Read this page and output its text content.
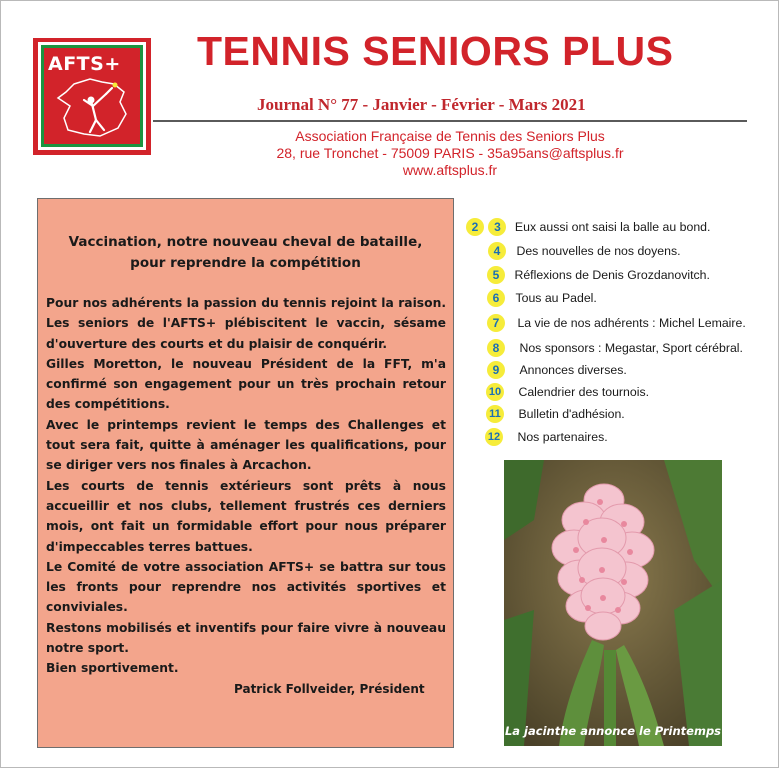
AFTS+ TENNIS SENIORS PLUS
Journal N° 77 - Janvier - Février - Mars 2021
Association Française de Tennis des Seniors Plus
28, rue Tronchet - 75009 PARIS - 35a95ans@aftsplus.fr
www.aftsplus.fr
Vaccination, notre nouveau cheval de bataille,
pour reprendre la compétition

Pour nos adhérents la passion du tennis rejoint la raison. Les seniors de l'AFTS+ plébiscitent le vaccin, sésame d'ouverture des courts et du plaisir de conquérir.

Gilles Moretton, le nouveau Président de la FFT, m'a confirmé son engagement pour un très prochain retour des compétitions.

Avec le printemps revient le temps des Challenges et tout sera fait, quitte à aménager les qualifications, pour se diriger vers nos finales à Arcachon.

Les courts de tennis extérieurs sont prêts à nous accueillir et nos clubs, tellement frustrés ces derniers mois, ont fait un formidable effort pour nous préparer d'impeccables terres battues.

Le Comité de votre association AFTS+ se battra sur tous les fronts pour reprendre nos activités sportives et conviviales.

Restons mobilisés et inventifs pour faire vivre à nouveau notre sport.

Bien sportivement.

Patrick Follveider, Président
2 3 Eux aussi ont saisi la balle au bond.
4 Des nouvelles de nos doyens.
5 Réflexions de Denis Grozdanovitch.
6 Tous au Padel.
7 La vie de nos adhérents : Michel Lemaire.
8 Nos sponsors : Megastar, Sport cérébral.
9 Annonces diverses.
10 Calendrier des tournois.
11 Bulletin d'adhésion.
12 Nos partenaires.
La jacinthe annonce le Printemps
